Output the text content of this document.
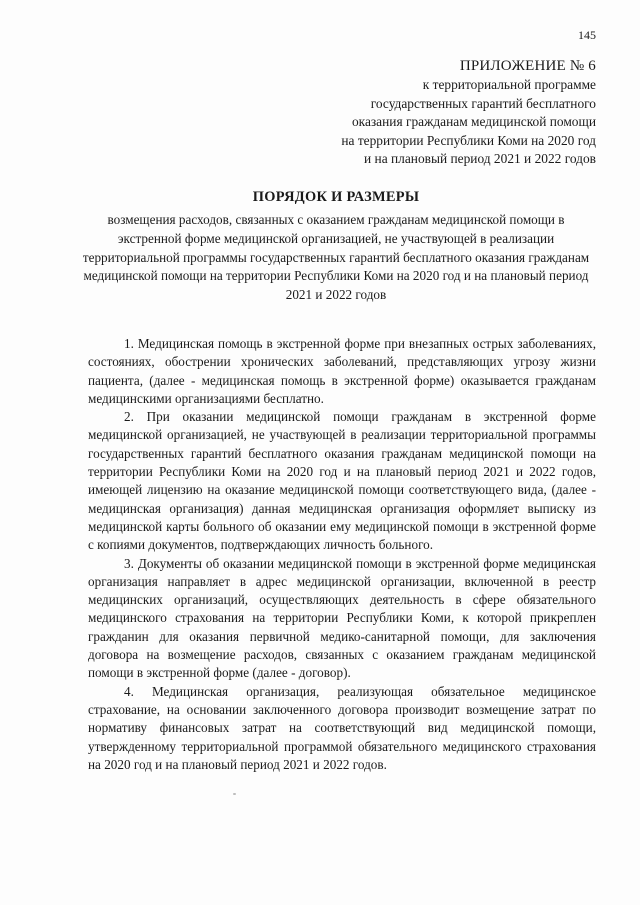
145
ПРИЛОЖЕНИЕ № 6
к территориальной программе
государственных гарантий бесплатного
оказания гражданам медицинской помощи
на территории Республики Коми на 2020 год
и на плановый период 2021 и 2022 годов
ПОРЯДОК И РАЗМЕРЫ
возмещения расходов, связанных с оказанием гражданам медицинской помощи в экстренной форме медицинской организацией, не участвующей в реализации территориальной программы государственных гарантий бесплатного оказания гражданам медицинской помощи на территории Республики Коми на 2020 год и на плановый период 2021 и 2022 годов

1. Медицинская помощь в экстренной форме при внезапных острых заболеваниях, состояниях, обострении хронических заболеваний, представляющих угрозу жизни пациента, (далее - медицинская помощь в экстренной форме) оказывается гражданам медицинскими организациями бесплатно.

2. При оказании медицинской помощи гражданам в экстренной форме медицинской организацией, не участвующей в реализации территориальной программы государственных гарантий бесплатного оказания гражданам медицинской помощи на территории Республики Коми на 2020 год и на плановый период 2021 и 2022 годов, имеющей лицензию на оказание медицинской помощи соответствующего вида, (далее - медицинская организация) данная медицинская организация оформляет выписку из медицинской карты больного об оказании ему медицинской помощи в экстренной форме с копиями документов, подтверждающих личность больного.

3. Документы об оказании медицинской помощи в экстренной форме медицинская организация направляет в адрес медицинской организации, включенной в реестр медицинских организаций, осуществляющих деятельность в сфере обязательного медицинского страхования на территории Республики Коми, к которой прикреплен гражданин для оказания первичной медико-санитарной помощи, для заключения договора на возмещение расходов, связанных с оказанием гражданам медицинской помощи в экстренной форме (далее - договор).

4. Медицинская организация, реализующая обязательное медицинское страхование, на основании заключенного договора производит возмещение затрат по нормативу финансовых затрат на соответствующий вид медицинской помощи, утвержденному территориальной программой обязательного медицинского страхования на 2020 год и на плановый период 2021 и 2022 годов.
